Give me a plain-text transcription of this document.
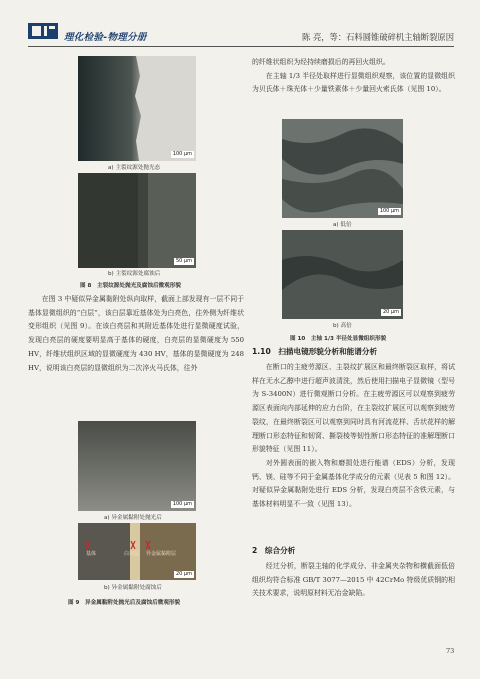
理化检验-物理分册	陈 亮，等：石料圆锥破碎机主轴断裂原因
100 μm
a) 主裂纹源处抛光态
50 μm
b) 主裂纹源处腐蚀后
图 8　主裂纹源处抛光及腐蚀后微观形貌

在图 3 中疑似异金属黏附处纵向取样，截面上部发现有一层不同于基体显微组织的“白层”，该白层靠近基体处为白亮色，往外侧为纤维状变形组织（见图 9）。在该白亮层和其附近基体处进行显微硬度试验，发现白亮层的硬度要明显高于基体的硬度，白亮层的显微硬度为 550 HV，纤维状组织区域的显微硬度为 430 HV，基体的显微硬度为 248 HV，说明该白亮层的显微组织为二次淬火马氏体，往外

100 μm
a) 异金属黏附处抛光后
基体	白亮层 异金属黏附层
20 μm
b) 异金属黏附处腐蚀后
图 9　异金属黏附处抛光后及腐蚀后微观形貌
的纤维状组织为经持续磨损后的再回火组织。

在主轴 1/3 半径处取样进行显微组织观察，该位置的显微组织为贝氏体＋珠光体＋少量铁素体＋少量回火索氏体（见图 10）。

100 μm
a) 低倍
20 μm
b) 高倍
图 10　主轴 1/3 半径处显微组织形貌
1.10　扫描电镜形貌分析和能谱分析

在断口的主疲劳源区、主裂纹扩展区和最终断裂区取样，将试样在无水乙醇中进行超声波清洗，然后使用扫描电子显微镜（型号为 S-3400N）进行微观断口分析。在主疲劳源区可以观察到疲劳源区表面向内部延伸的应力台阶，在主裂纹扩展区可以观察到疲劳裂纹，在最终断裂区可以观察到同时具有河流花样、舌状花样的解理断口形态特征和韧窝、撕裂棱等韧性断口形态特征的准解理断口形貌特征（见图 11）。

对外圆表面的嵌入物和磨损处进行能谱（EDS）分析，发现钙、镁、硅等不同于金属基体化学成分的元素（见表 5 和图 12）。对疑似异金属黏附处进行 EDS 分析，发现白亮层不含铁元素，与基体材料明显不一致（见图 13）。

2　综合分析

经过分析，断裂主轴的化学成分、非金属夹杂物和横截面低倍组织均符合标准 GB/T 3077—2015 中 42CrMo 特级优质钢的相关技术要求，说明原材料无冶金缺陷。

73
